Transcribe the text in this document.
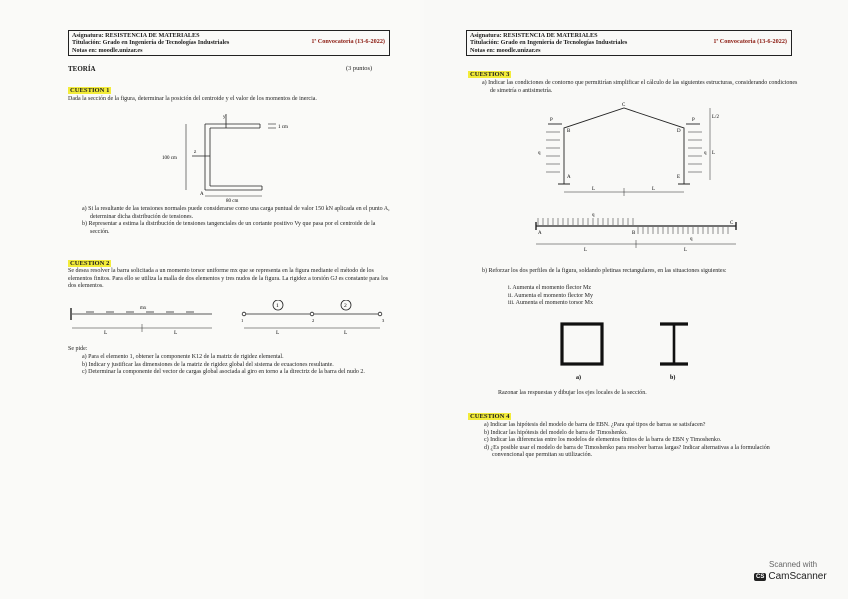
Asignatura: RESISTENCIA DE MATERIALES
Titulación: Grado en Ingeniería de Tecnologías Industriales
Notas en: moodle.unizar.es
1ª Convocatoria (13-6-2022)
TEORÍA	(3 puntos)
CUESTION 1
Dada la sección de la figura, determinar la posición del centroide y el valor de los momentos de inercia.
y
z
A
1 cm
100 cm
80 cm

a) Si la resultante de las tensiones normales puede considerarse como una carga puntual de valor 150 kN aplicada en el punto A, determinar dicha distribución de tensiones.

b) Representar a estima la distribución de tensiones tangenciales de un cortante positivo Vy que pasa por el centroide de la sección.

CUESTION 2
Se desea resolver la barra solicitada a un momento torsor uniforme mx que se representa en la figura mediante el método de los elementos finitos. Para ello se utiliza la malla de dos elementos y tres nudos de la figura. La rigidez a torsión GJ es constante para los dos elementos.
mx
L	L
1	2
1	2	3
L	L
Se pide:

a) Para el elemento 1, obtener la componente K12 de la matriz de rigidez elemental.

b) Indicar y justificar las dimensiones de la matriz de rigidez global del sistema de ecuaciones resultante.

c) Determinar la componente del vector de cargas global asociada al giro en torno a la directriz de la barra del nudo 2.

Asignatura: RESISTENCIA DE MATERIALES
Titulación: Grado en Ingeniería de Tecnologías Industriales
Notas en: moodle.unizar.es
1ª Convocatoria (13-6-2022)
CUESTION 3
a) Indicar las condiciones de contorno que permitirían simplificar el cálculo de las siguientes estructuras, considerando condiciones de simetría o antisimetría.
C
B	D
A	E
P	P
q	q
L/2
L
L	L
q
q
A	B
C
L	L
b) Reforzar los dos perfiles de la figura, soldando pletinas rectangulares, en las situaciones siguientes:

i. Aumenta el momento flector Mz

ii. Aumenta el momento flector My

iii. Aumenta el momento torsor Mx

a)	b)
Razonar las respuestas y dibujar los ejes locales de la sección.
CUESTION 4

a) Indicar las hipótesis del modelo de barra de EBN. ¿Para qué tipos de barras se satisfacen?

b) Indicar las hipótesis del modelo de barra de Timoshenko.

c) Indicar las diferencias entre los modelos de elementos finitos de la barra de EBN y Timoshenko.

d) ¿Es posible usar el modelo de barra de Timoshenko para resolver barras largas? Indicar alternativas a la formulación convencional que permitan su utilización.

Scanned with
CS CamScanner
